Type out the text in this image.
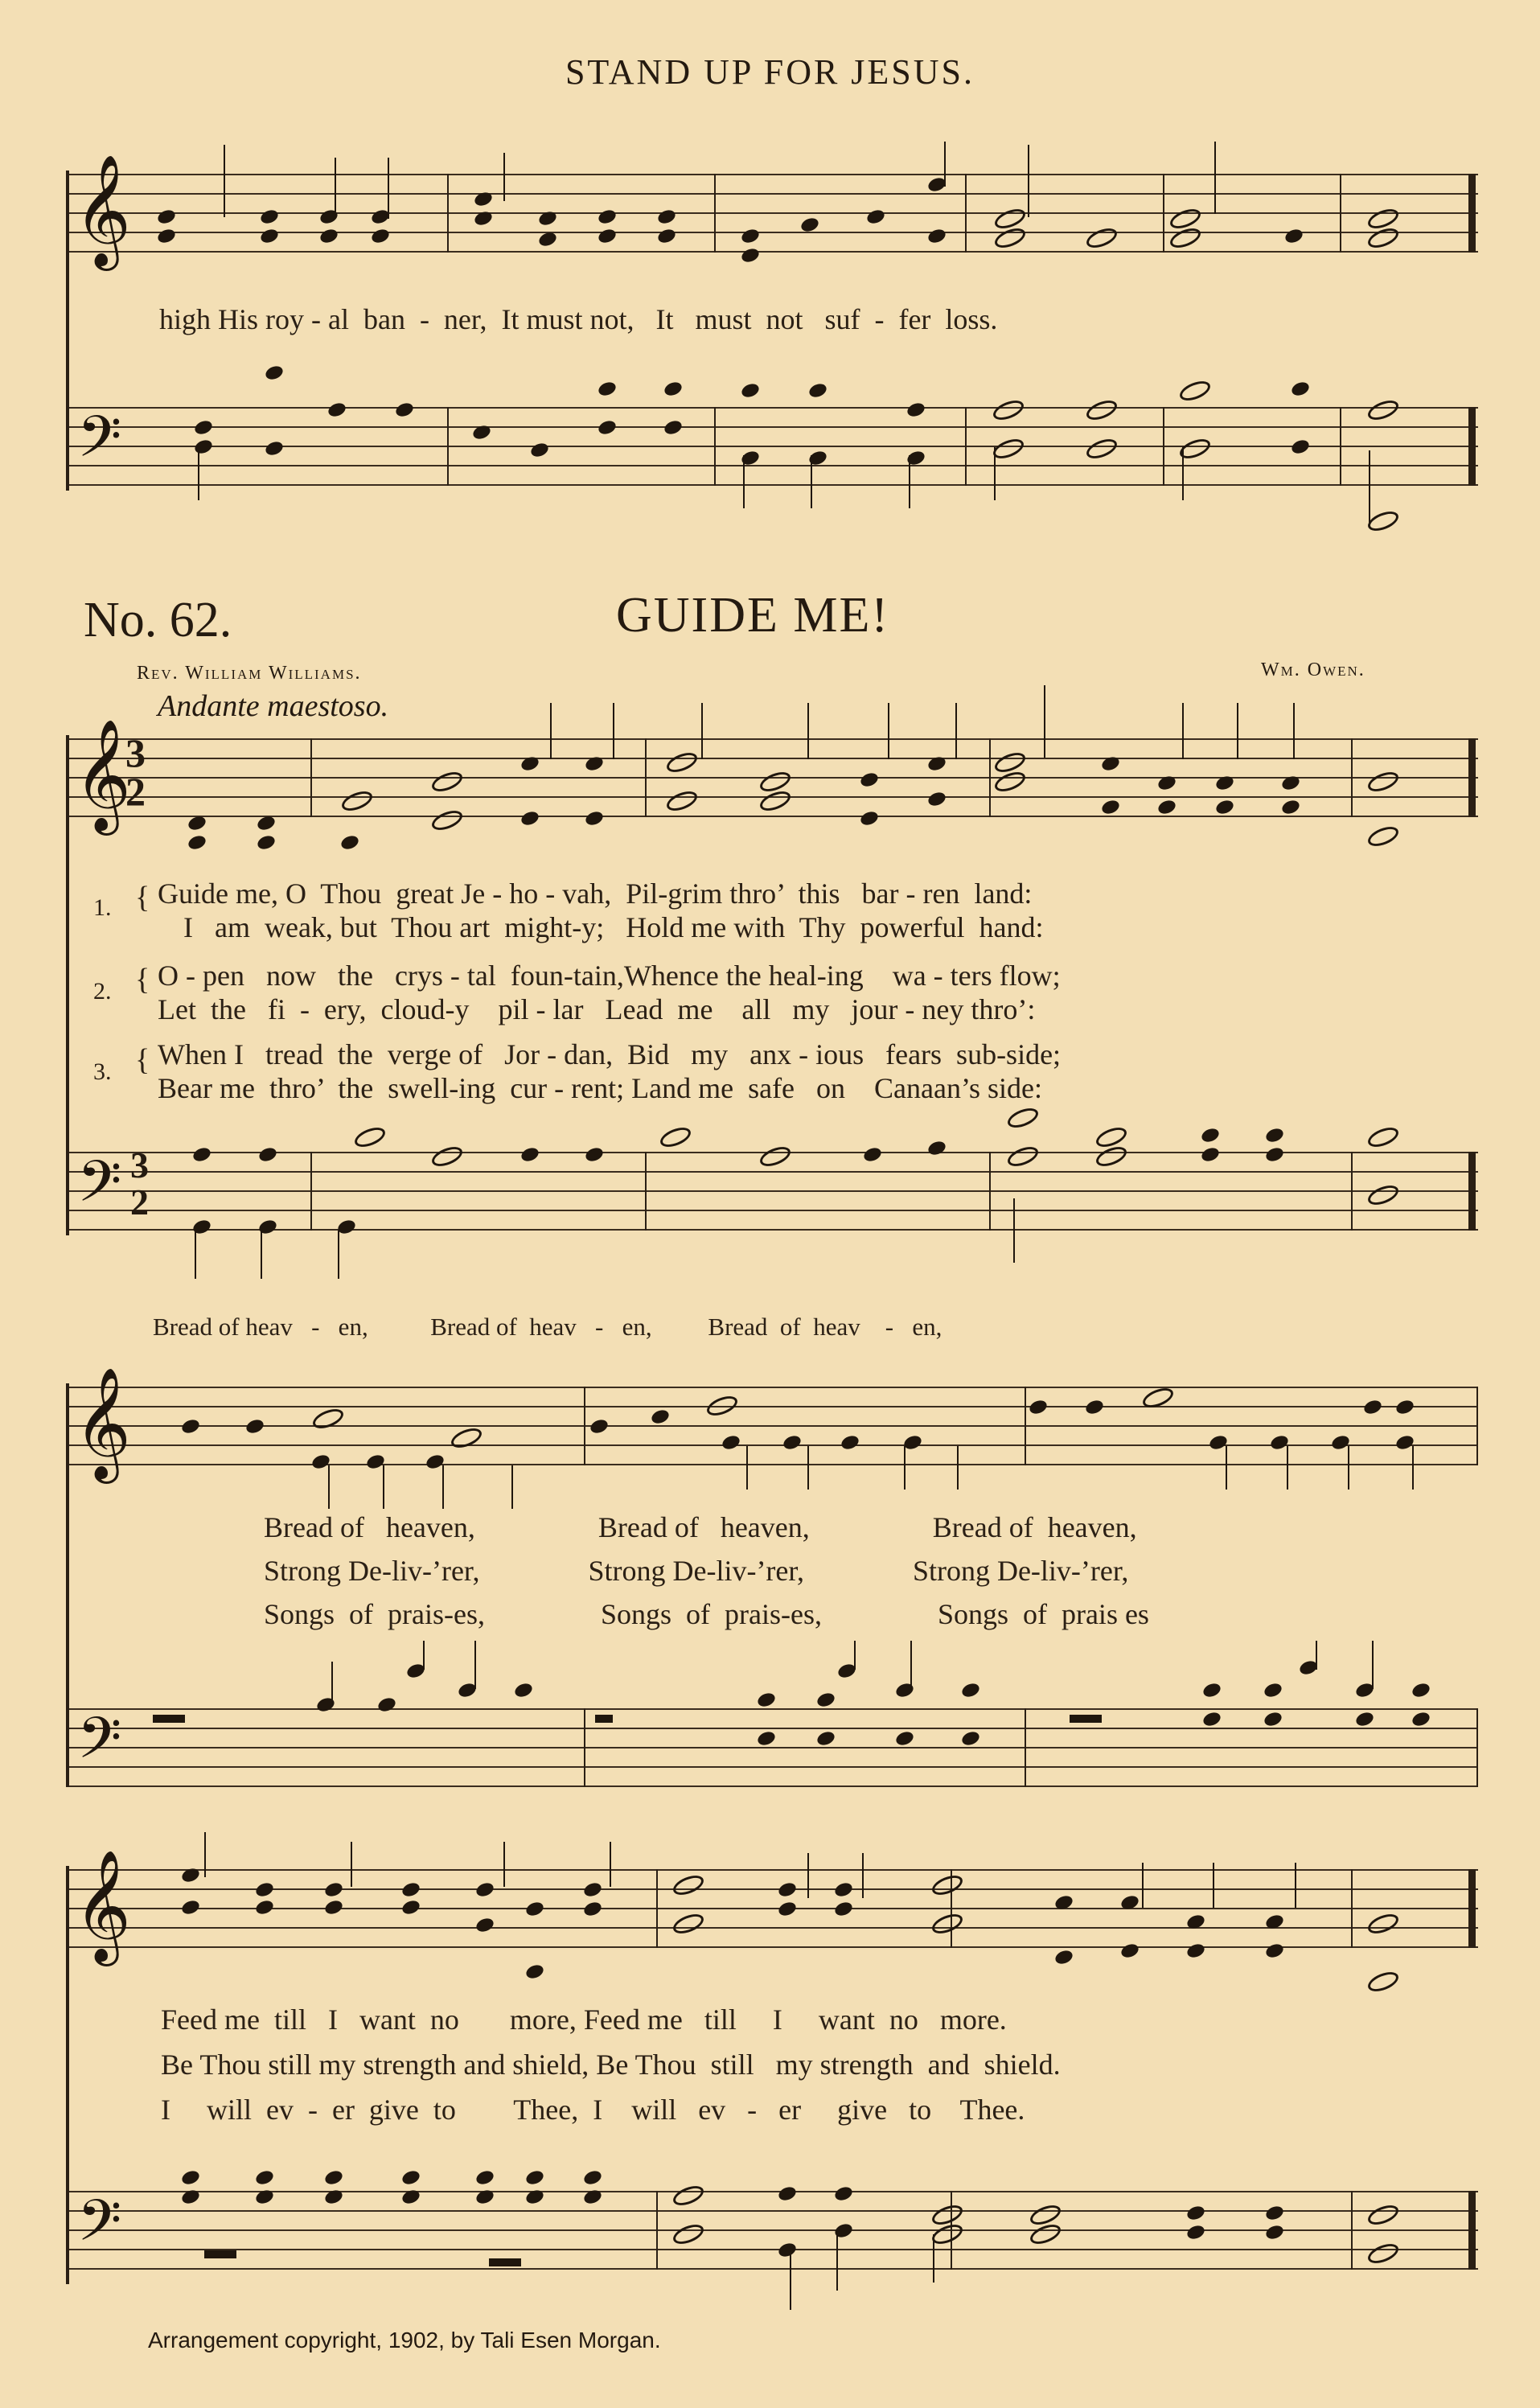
STAND UP FOR JESUS.
𝄞
high His roy - al  ban  -  ner,  It must not,   It   must  not   suf  -  fer  loss.
𝄢
No. 62.	GUIDE ME!
Rev. William Williams.	Wm. Owen.
Andante maestoso.
𝄞
3
2
1. { Guide me, O  Thou  great Je - ho - vah,  Pil-grim thro’  this   bar - ren  land:
I   am  weak, but  Thou art  might-y;   Hold me with  Thy  powerful  hand:
2. { O - pen   now   the   crys - tal  foun-tain,Whence the heal-ing    wa - ters flow;
Let  the   fi  -  ery,  cloud-y    pil - lar   Lead  me    all   my   jour - ney thro’:
3. { When I   tread  the  verge of   Jor - dan,  Bid   my   anx - ious   fears  sub-side;
Bear me  thro’  the  swell-ing  cur - rent; Land me  safe   on    Canaan’s side:
𝄢 3
2
Bread of heav   -   en,          Bread of  heav   -   en,         Bread  of  heav    -   en,
𝄞
Bread of   heaven,                 Bread of   heaven,                 Bread of  heaven,
Strong De-liv-’rer,               Strong De-liv-’rer,               Strong De-liv-’rer,
Songs  of  prais-es,                Songs  of  prais-es,                Songs  of  prais es
𝄢
𝄞
Feed me  till   I   want  no       more, Feed me   till     I     want  no   more.
Be Thou still my strength and shield, Be Thou  still   my strength  and  shield.
I     will  ev  -  er  give  to        Thee,  I    will   ev   -   er     give   to    Thee.
𝄢
Arrangement copyright, 1902, by Tali Esen Morgan.
